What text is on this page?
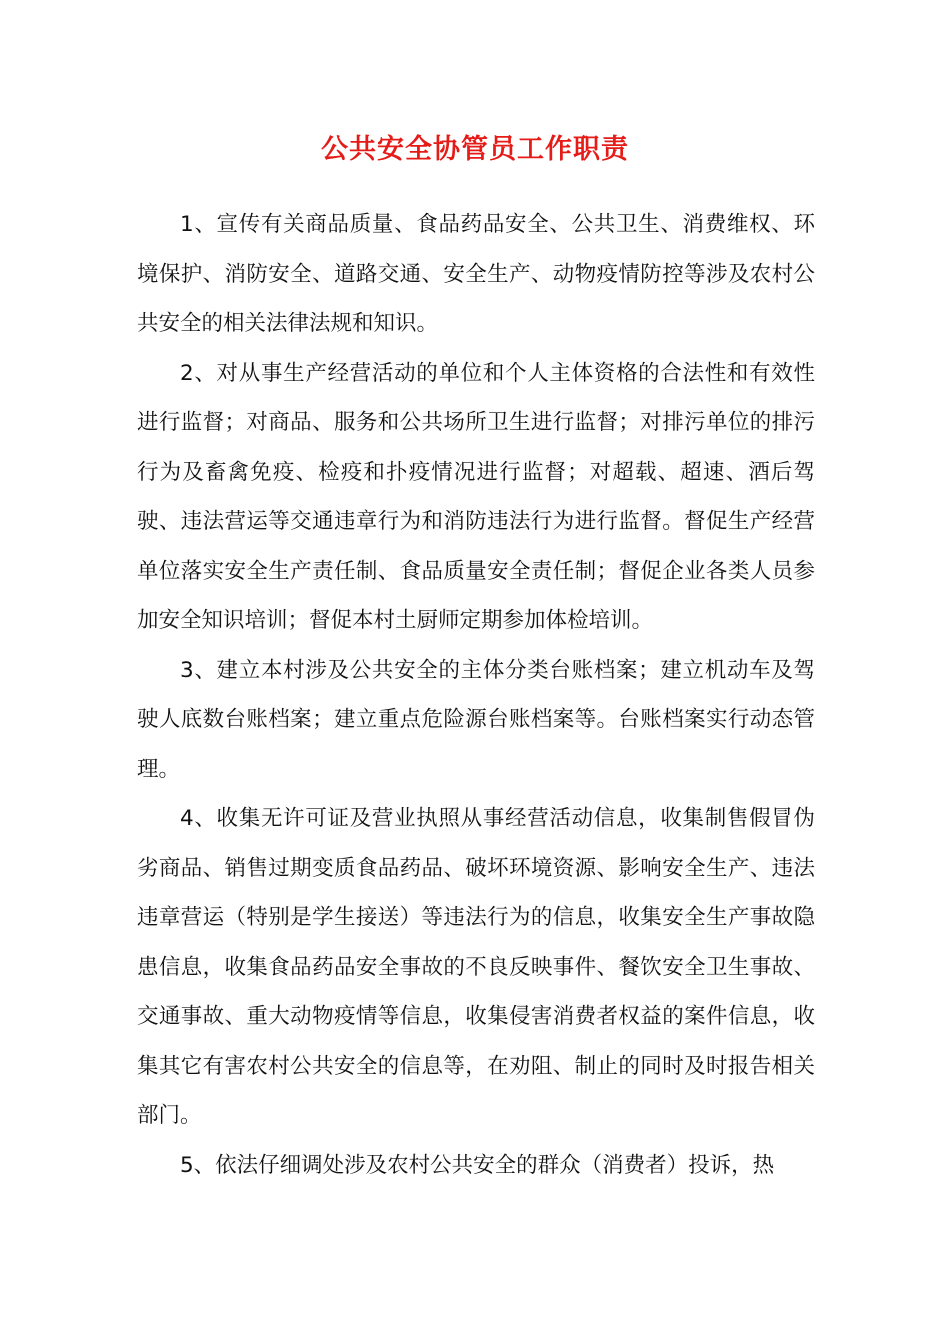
公共安全协管员工作职责

1、宣传有关商品质量、食品药品安全、公共卫生、消费维权、环境保护、消防安全、道路交通、安全生产、动物疫情防控等涉及农村公共安全的相关法律法规和知识。

2、对从事生产经营活动的单位和个人主体资格的合法性和有效性进行监督；对商品、服务和公共场所卫生进行监督；对排污单位的排污行为及畜禽免疫、检疫和扑疫情况进行监督；对超载、超速、酒后驾驶、违法营运等交通违章行为和消防违法行为进行监督。督促生产经营单位落实安全生产责任制、食品质量安全责任制；督促企业各类人员参加安全知识培训；督促本村土厨师定期参加体检培训。

3、建立本村涉及公共安全的主体分类台账档案；建立机动车及驾驶人底数台账档案；建立重点危险源台账档案等。台账档案实行动态管理。

4、收集无许可证及营业执照从事经营活动信息，收集制售假冒伪劣商品、销售过期变质食品药品、破坏环境资源、影响安全生产、违法违章营运（特别是学生接送）等违法行为的信息，收集安全生产事故隐患信息，收集食品药品安全事故的不良反映事件、餐饮安全卫生事故、交通事故、重大动物疫情等信息，收集侵害消费者权益的案件信息，收集其它有害农村公共安全的信息等，在劝阻、制止的同时及时报告相关部门。

5、依法仔细调处涉及农村公共安全的群众（消费者）投诉，热
